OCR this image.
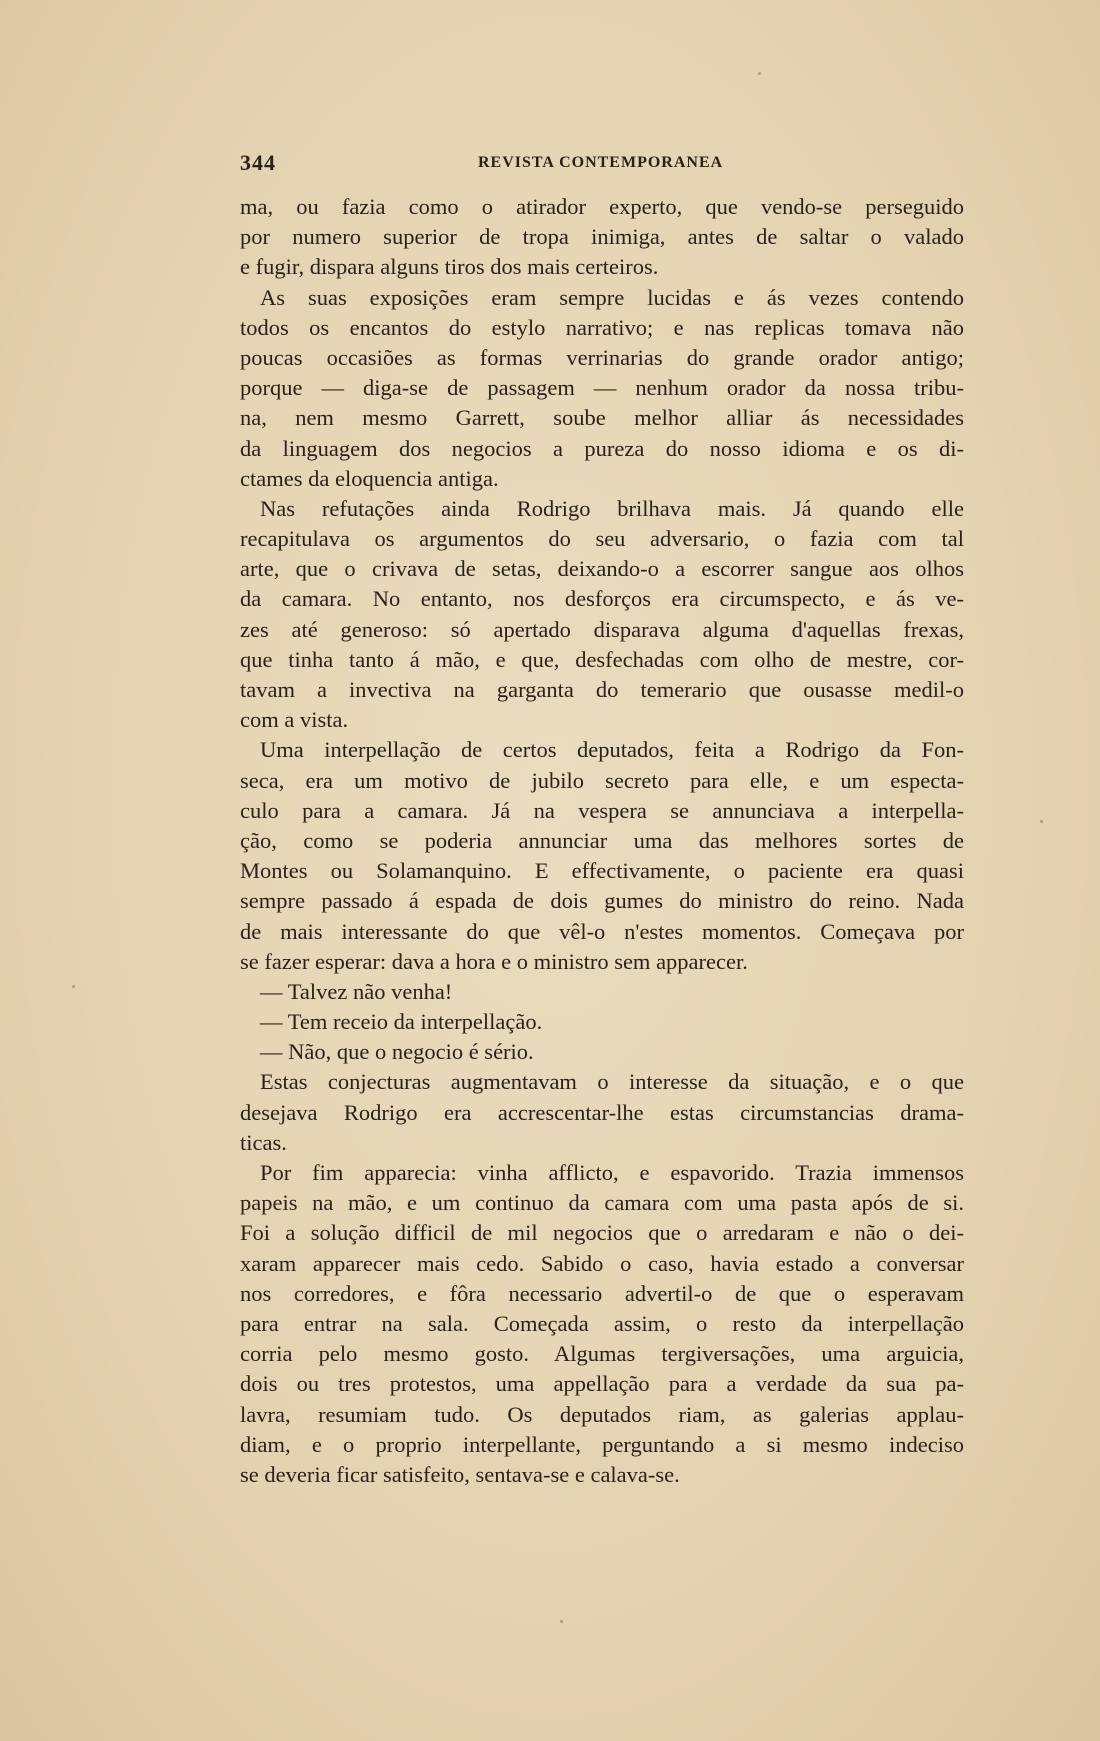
344	REVISTA CONTEMPORANEA
ma, ou fazia como o atirador experto, que vendo-se perseguido
por numero superior de tropa inimiga, antes de saltar o valado
e fugir, dispara alguns tiros dos mais certeiros.
As suas exposições eram sempre lucidas e ás vezes contendo
todos os encantos do estylo narrativo; e nas replicas tomava não
poucas occasiões as formas verrinarias do grande orador antigo;
porque — diga-se de passagem — nenhum orador da nossa tribu-
na, nem mesmo Garrett, soube melhor alliar ás necessidades
da linguagem dos negocios a pureza do nosso idioma e os di-
ctames da eloquencia antiga.
Nas refutações ainda Rodrigo brilhava mais. Já quando elle
recapitulava os argumentos do seu adversario, o fazia com tal
arte, que o crivava de setas, deixando-o a escorrer sangue aos olhos
da camara. No entanto, nos desforços era circumspecto, e ás ve-
zes até generoso: só apertado disparava alguma d'aquellas frexas,
que tinha tanto á mão, e que, desfechadas com olho de mestre, cor-
tavam a invectiva na garganta do temerario que ousasse medil-o
com a vista.
Uma interpellação de certos deputados, feita a Rodrigo da Fon-
seca, era um motivo de jubilo secreto para elle, e um especta-
culo para a camara. Já na vespera se annunciava a interpella-
ção, como se poderia annunciar uma das melhores sortes de
Montes ou Solamanquino. E effectivamente, o paciente era quasi
sempre passado á espada de dois gumes do ministro do reino. Nada
de mais interessante do que vêl-o n'estes momentos. Começava por
se fazer esperar: dava a hora e o ministro sem apparecer.
— Talvez não venha!
— Tem receio da interpellação.
— Não, que o negocio é sério.
Estas conjecturas augmentavam o interesse da situação, e o que
desejava Rodrigo era accrescentar-lhe estas circumstancias drama-
ticas.
Por fim apparecia: vinha afflicto, e espavorido. Trazia immensos
papeis na mão, e um continuo da camara com uma pasta após de si.
Foi a solução difficil de mil negocios que o arredaram e não o dei-
xaram apparecer mais cedo. Sabido o caso, havia estado a conversar
nos corredores, e fôra necessario advertil-o de que o esperavam
para entrar na sala. Começada assim, o resto da interpellação
corria pelo mesmo gosto. Algumas tergiversações, uma arguicia,
dois ou tres protestos, uma appellação para a verdade da sua pa-
lavra, resumiam tudo. Os deputados riam, as galerias applau-
diam, e o proprio interpellante, perguntando a si mesmo indeciso
se deveria ficar satisfeito, sentava-se e calava-se.
